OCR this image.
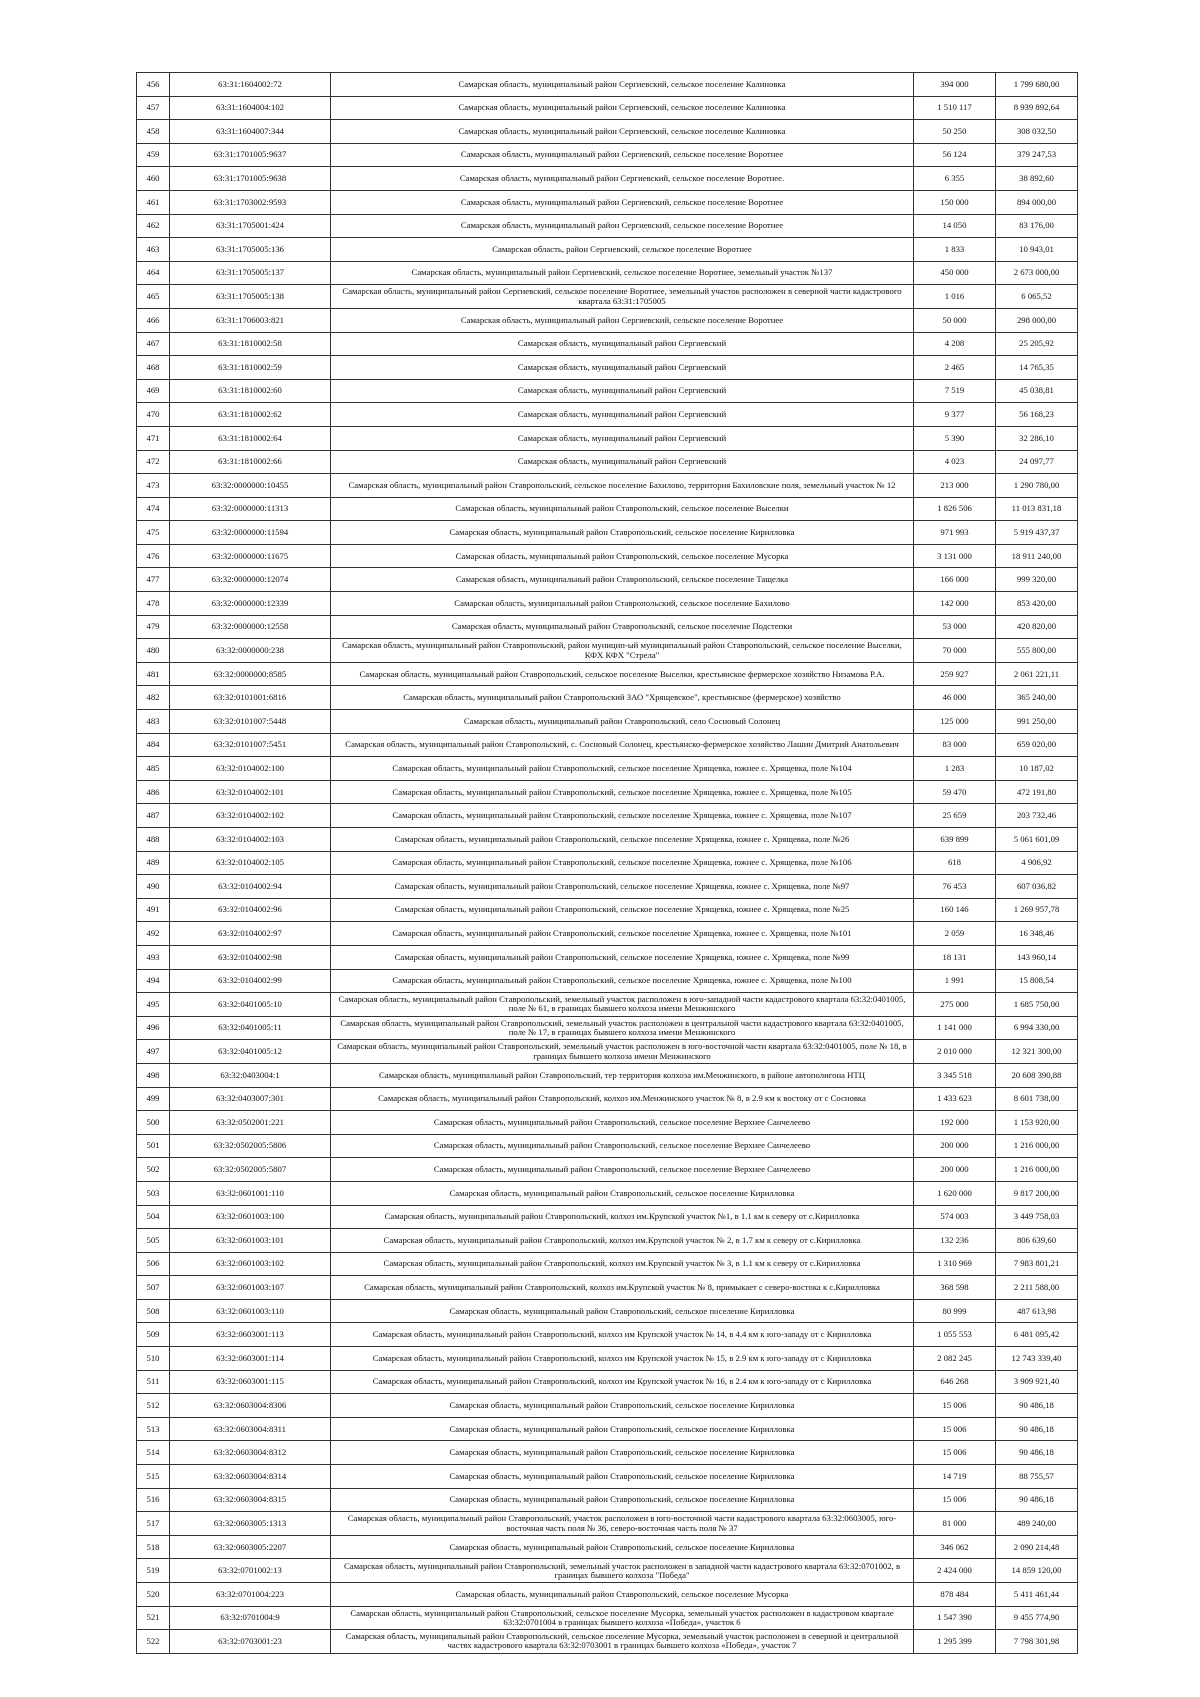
456	63:31:1604002:72	Самарская область, муниципальный район Сергиевский, сельское поселение Калиновка	394 000	1 799 680,00
457	63:31:1604004:102	Самарская область, муниципальный район Сергиевский, сельское поселение Калиновка	1 510 117	8 939 892,64
458	63:31:1604007:344	Самарская область, муниципальный район Сергиевский, сельское поселение Калиновка	50 250	308 032,50
459	63:31:1701005:9637	Самарская область, муниципальный район Сергиевский, сельское поселение Воротнее	56 124	379 247,53
460	63:31:1701005:9638	Самарская область, муниципальный район Сергиевский, сельское поселение Воротнее.	6 355	38 892,60
461	63:31:1703002:9593	Самарская область, муниципальный район Сергиевский, сельское поселение Воротнее	150 000	894 000,00
462	63:31:1705001:424	Самарская область, муниципальный район Сергиевский, сельское поселение Воротнее	14 050	83 176,00
463	63:31:1705005:136	Самарская область, район Сергиевский, сельское поселение Воротнее	1 833	10 943,01
464	63:31:1705005:137	Самарская область, муниципальный район Сергиевский, сельское поселение Воротнее, земельный участок №137	450 000	2 673 000,00
465	63:31:1705005:138	Самарская область, муниципальный район Сергиевский, сельское поселение Воротнее, земельный участок расположен в северной части кадастрового квартала 63:31:1705005	1 016	6 065,52
466	63:31:1706003:821	Самарская область, муниципальный район Сергиевский, сельское поселение Воротнее	50 000	298 000,00
467	63:31:1810002:58	Самарская область, муниципальный район Сергиевский	4 208	25 205,92
468	63:31:1810002:59	Самарская область, муниципальный район Сергиевский	2 465	14 765,35
469	63:31:1810002:60	Самарская область, муниципальный район Сергиевский	7 519	45 038,81
470	63:31:1810002:62	Самарская область, муниципальный район Сергиевский	9 377	56 168,23
471	63:31:1810002:64	Самарская область, муниципальный район Сергиевский	5 390	32 286,10
472	63:31:1810002:66	Самарская область, муниципальный район Сергиевский	4 023	24 097,77
473	63:32:0000000:10455	Самарская область, муниципальный район Ставропольский, сельское поселение Бахилово, территория Бахиловские поля, земельный участок № 12	213 000	1 290 780,00
474	63:32:0000000:11313	Самарская область, муниципальный район Ставропольский, сельское поселение Выселки	1 826 506	11 013 831,18
475	63:32:0000000:11594	Самарская область, муниципальный район Ставропольский, сельское поселение Кирилловка	971 993	5 919 437,37
476	63:32:0000000:11675	Самарская область, муниципальный район Ставропольский, сельское поселение Мусорка	3 131 000	18 911 240,00
477	63:32:0000000:12074	Самарская область, муниципальный район Ставропольский, сельское поселение Тащелка	166 000	999 320,00
478	63:32:0000000:12339	Самарская область, муниципальный район Ставропольский, сельское поселение Бахилово	142 000	853 420,00
479	63:32:0000000:12558	Самарская область, муниципальный район Ставропольский, сельское поселение Подстепки	53 000	420 820,00
480	63:32:0000000:238	Самарская область, муниципальный район Ставропольский, район муницип-ый муниципальный район Ставропольский, сельское поселение Выселки, КФХ КФХ "Стрела"	70 000	555 800,00
481	63:32:0000000:8585	Самарская область, муниципальный район Ставропольский, сельское поселение Выселки, крестьянское фермерское хозяйство Низамова Р.А.	259 927	2 061 221,11
482	63:32:0101001:6816	Самарская область, муниципальный район Ставропольский ЗАО "Хрящевское", крестьянское (фермерское) хозяйство	46 000	365 240,00
483	63:32:0101007:5448	Самарская область, муниципальный район Ставропольский, село Сосновый Солонец	125 000	991 250,00
484	63:32:0101007:5451	Самарская область, муниципальный район Ставропольский, с. Сосновый Солонец, крестьянско-фермерское хозяйство Лашин Дмитрий Анатольевич	83 000	659 020,00
485	63:32:0104002:100	Самарская область, муниципальный район Ставропольский, сельское поселение Хрящевка, южнее с. Хрящевка, поле №104	1 283	10 187,02
486	63:32:0104002:101	Самарская область, муниципальный район Ставропольский, сельское поселение Хрящевка, южнее с. Хрящевка, поле №105	59 470	472 191,80
487	63:32:0104002:102	Самарская область, муниципальный район Ставропольский, сельское поселение Хрящевка, южнее с. Хрящевка, поле №107	25 659	203 732,46
488	63:32:0104002:103	Самарская область, муниципальный район Ставропольский, сельское поселение Хрящевка, южнее с. Хрящевка, поле №26	639 899	5 061 601,09
489	63:32:0104002:105	Самарская область, муниципальный район Ставропольский, сельское поселение Хрящевка, южнее с. Хрящевка, поле №106	618	4 906,92
490	63:32:0104002:94	Самарская область, муниципальный район Ставропольский, сельское поселение Хрящевка, южнее с. Хрящевка, поле №97	76 453	607 036,82
491	63:32:0104002:96	Самарская область, муниципальный район Ставропольский, сельское поселение Хрящевка, южнее с. Хрящевка, поле №25	160 146	1 269 957,78
492	63:32:0104002:97	Самарская область, муниципальный район Ставропольский, сельское поселение Хрящевка, южнее с. Хрящевка, поле №101	2 059	16 348,46
493	63:32:0104002:98	Самарская область, муниципальный район Ставропольский, сельское поселение Хрящевка, южнее с. Хрящевка, поле №99	18 131	143 960,14
494	63:32:0104002:99	Самарская область, муниципальный район Ставропольский, сельское поселение Хрящевка, южнее с. Хрящевка, поле №100	1 991	15 808,54
495	63:32:0401005:10	Самарская область, муниципальный район Ставропольский, земельный участок расположен в юго-западной части кадастрового квартала 63:32:0401005, поле № 61, в границах бывшего колхоза имени Менжинского	275 000	1 685 750,00
496	63:32:0401005:11	Самарская область, муниципальный район Ставропольский, земельный участок расположен в центральной части кадастрового квартала 63:32:0401005, поле № 17, в границах бывшего колхоза имени Менжинского	1 141 000	6 994 330,00
497	63:32:0401005:12	Самарская область, муниципальный район Ставропольский, земельный участок расположен в юго-восточной части квартала 63:32:0401005, поле № 18, в границах бывшего колхоза имени Менжинского	2 010 000	12 321 300,00
498	63:32:0403004:1	Самарская область, муниципальный район Ставропольский, тер территория колхоза им.Менжинского, в районе автополигона НТЦ	3 345 518	20 608 390,88
499	63:32:0403007:301	Самарская область, муниципальный район Ставропольский, колхоз им.Менжинского участок № 8, в 2.9 км к востоку от с Сосновка	1 433 623	8 601 738,00
500	63:32:0502001:221	Самарская область, муниципальный район Ставропольский, сельское поселение Верхнее Санчелеево	192 000	1 153 920,00
501	63:32:0502005:5806	Самарская область, муниципальный район Ставропольский, сельское поселение Верхнее Санчелеево	200 000	1 216 000,00
502	63:32:0502005:5807	Самарская область, муниципальный район Ставропольский, сельское поселение Верхнее Санчелеево	200 000	1 216 000,00
503	63:32:0601001:110	Самарская область, муниципальный район Ставропольский, сельское поселение Кирилловка	1 620 000	9 817 200,00
504	63:32:0601003:100	Самарская область, муниципальный район Ставропольский, колхоз им.Крупской участок №1, в 1.1 км к северу от с.Кирилловка	574 003	3 449 758,03
505	63:32:0601003:101	Самарская область, муниципальный район Ставропольский, колхоз им.Крупской участок № 2, в 1.7 км к северу от с.Кирилловка	132 236	806 639,60
506	63:32:0601003:102	Самарская область, муниципальный район Ставропольский, колхоз им.Крупской участок № 3, в 1.1 км к северу от с.Кирилловка	1 310 969	7 983 801,21
507	63:32:0601003:107	Самарская область, муниципальный район Ставропольский, колхоз им.Крупской участок № 8, примыкает с северо-востока к с.Кирилловка	368 598	2 211 588,00
508	63:32:0601003:110	Самарская область, муниципальный район Ставропольский, сельское поселение Кирилловка	80 999	487 613,98
509	63:32:0603001:113	Самарская область, муниципальный район Ставропольский, колхоз им Крупской участок № 14, в 4.4 км к юго-западу от с Кирилловка	1 055 553	6 481 095,42
510	63:32:0603001:114	Самарская область, муниципальный район Ставропольский, колхоз им Крупской участок № 15, в 2.9 км к юго-западу от с Кирилловка	2 082 245	12 743 339,40
511	63:32:0603001:115	Самарская область, муниципальный район Ставропольский, колхоз им Крупской участок № 16, в 2.4 км к юго-западу от с Кирилловка	646 268	3 909 921,40
512	63:32:0603004:8306	Самарская область, муниципальный район Ставропольский, сельское поселение Кирилловка	15 006	90 486,18
513	63:32:0603004:8311	Самарская область, муниципальный район Ставропольский, сельское поселение Кирилловка	15 006	90 486,18
514	63:32:0603004:8312	Самарская область, муниципальный район Ставропольский, сельское поселение Кирилловка	15 006	90 486,18
515	63:32:0603004:8314	Самарская область, муниципальный район Ставропольский, сельское поселение Кирилловка	14 719	88 755,57
516	63:32:0603004:8315	Самарская область, муниципальный район Ставропольский, сельское поселение Кирилловка	15 006	90 486,18
517	63:32:0603005:1313	Самарская область, муниципальный район Ставропольский, участок расположен в юго-восточной части кадастрового квартала 63:32:0603005, юго-восточная часть поля № 36, северо-восточная часть поля № 37	81 000	489 240,00
518	63:32:0603005:2207	Самарская область, муниципальный район Ставропольский, сельское поселение Кирилловка	346 062	2 090 214,48
519	63:32:0701002:13	Самарская область, муниципальный район Ставропольский, земельный участок расположен в западной части кадастрового квартала 63:32:0701002, в границах бывшего колхоза "Победа"	2 424 000	14 859 120,00
520	63:32:0701004:223	Самарская область, муниципальный район Ставропольский, сельское поселение Мусорка	878 484	5 411 461,44
521	63:32:0701004:9	Самарская область, муниципальный район Ставропольский, сельское поселение Мусорка, земельный участок расположен в кадастровом квартале 63:32:0701004 в границах бывшего колхоза «Победа», участок 6	1 547 390	9 455 774,90
522	63:32:0703001:23	Самарская область, муниципальный район Ставропольский, сельское поселение Мусорка, земельный участок расположен в северной и центральной частях кадастрового квартала 63:32:0703001 в границах бывшего колхоза «Победа», участок 7	1 295 399	7 798 301,98
